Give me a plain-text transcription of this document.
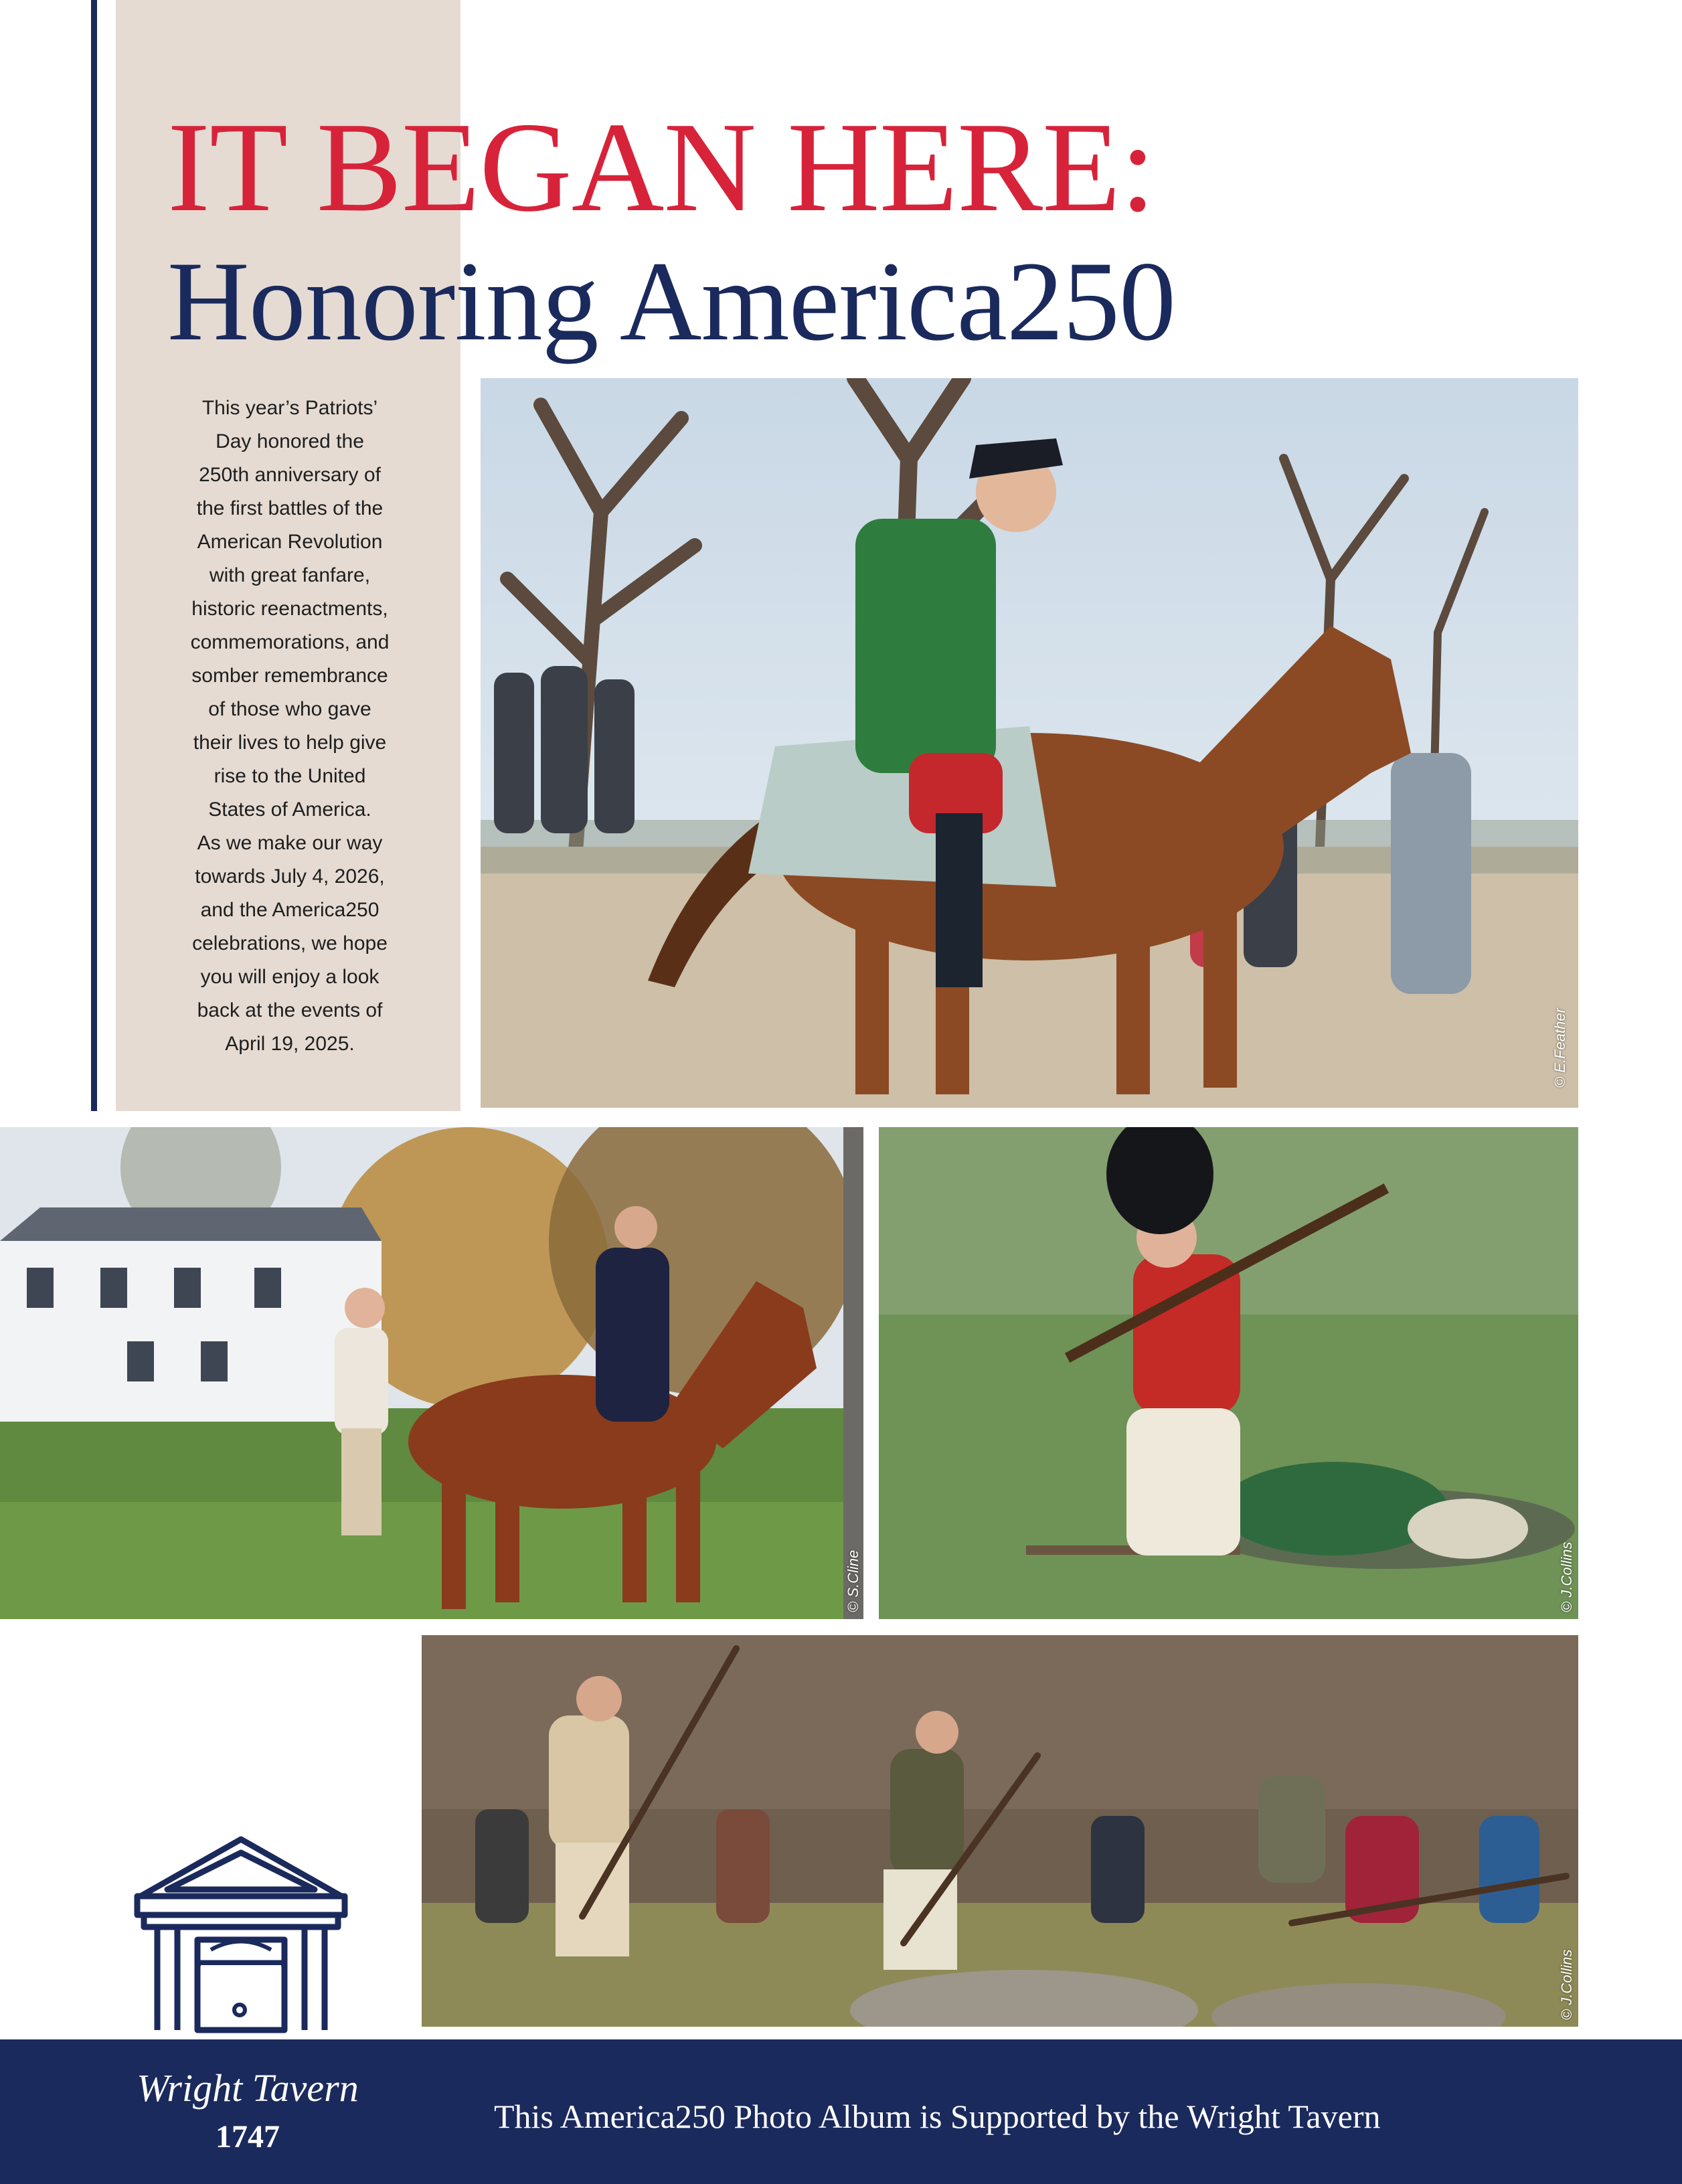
IT BEGAN HERE:
Honoring America250
This year’s Patriots’
Day honored the
250th anniversary of
the first battles of the
American Revolution
with great fanfare,
historic reenactments,
commemorations, and
somber remembrance
of those who gave
their lives to help give
rise to the United
States of America.
As we make our way
towards July 4, 2026,
and the America250
celebrations, we hope
you will enjoy a look
back at the events of
April 19, 2025.	© E.Feather
© S.Cline	© J.Collins
© J.Collins
Wright Tavern
1747
This America250 Photo Album is Supported by the Wright Tavern
